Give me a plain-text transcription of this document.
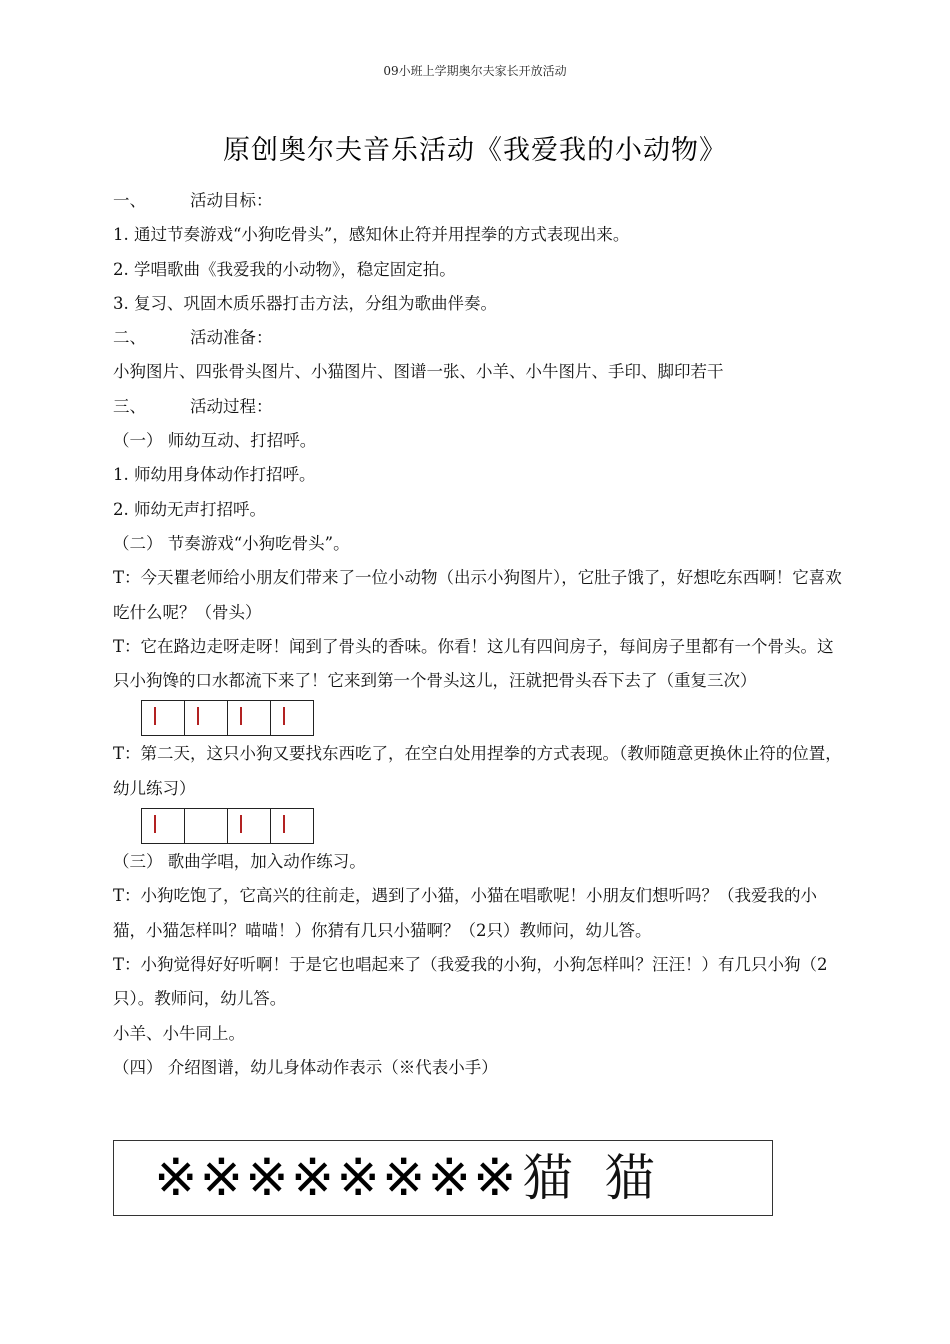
09小班上学期奥尔夫家长开放活动
原创奥尔夫音乐活动《我爱我的小动物》
一、	活动目标：
1. 通过节奏游戏“小狗吃骨头”，感知休止符并用捏拳的方式表现出来。
2. 学唱歌曲《我爱我的小动物》，稳定固定拍。
3. 复习、巩固木质乐器打击方法，分组为歌曲伴奏。
二、	活动准备：
小狗图片、四张骨头图片、小猫图片、图谱一张、小羊、小牛图片、手印、脚印若干
三、	活动过程：
（一） 师幼互动、打招呼。
1. 师幼用身体动作打招呼。
2. 师幼无声打招呼。
（二） 节奏游戏“小狗吃骨头”。
T：今天瞿老师给小朋友们带来了一位小动物（出示小狗图片），它肚子饿了，好想吃东西啊！它喜欢吃什么呢？（骨头）
T：它在路边走呀走呀！闻到了骨头的香味。你看！这儿有四间房子，每间房子里都有一个骨头。这只小狗馋的口水都流下来了！它来到第一个骨头这儿，汪就把骨头吞下去了（重复三次）

T：第二天，这只小狗又要找东西吃了，在空白处用捏拳的方式表现。（教师随意更换休止符的位置，幼儿练习）

（三） 歌曲学唱，加入动作练习。
T：小狗吃饱了，它高兴的往前走，遇到了小猫，小猫在唱歌呢！小朋友们想听吗？（我爱我的小猫，小猫怎样叫？喵喵！）你猜有几只小猫啊？（2只）教师问，幼儿答。
T：小狗觉得好好听啊！于是它也唱起来了（我爱我的小狗，小狗怎样叫？汪汪！）有几只小狗（2只）。教师问，幼儿答。
小羊、小牛同上。
（四） 介绍图谱，幼儿身体动作表示（※代表小手）
※ ※ ※ ※ ※ ※ ※ ※ 猫 猫
